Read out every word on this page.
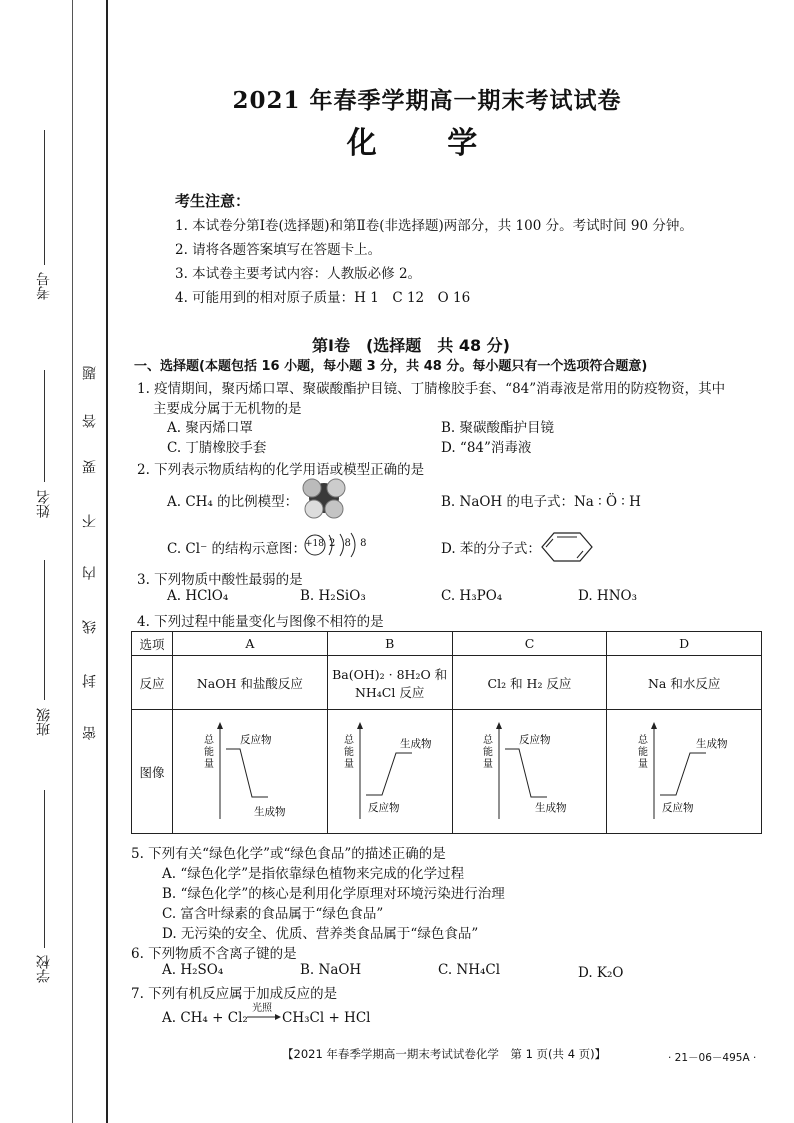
考号
姓名
班级
学校
密
封
线
内
不
要
答
题
2021 年春季学期高一期末考试试卷
化 学
考生注意：
1. 本试卷分第Ⅰ卷(选择题)和第Ⅱ卷(非选择题)两部分，共 100 分。考试时间 90 分钟。
2. 请将各题答案填写在答题卡上。
3. 本试卷主要考试内容：人教版必修 2。
4. 可能用到的相对原子质量：H 1　C 12　O 16
第Ⅰ卷　(选择题　共 48 分)
一、选择题(本题包括 16 小题，每小题 3 分，共 48 分。每小题只有一个选项符合题意)
1. 疫情期间，聚丙烯口罩、聚碳酸酯护目镜、丁腈橡胶手套、“84”消毒液是常用的防疫物资，其中
主要成分属于无机物的是
A. 聚丙烯口罩	B. 聚碳酸酯护目镜
C. 丁腈橡胶手套	D. “84”消毒液
2. 下列表示物质结构的化学用语或模型正确的是
A. CH₄ 的比例模型：	B. NaOH 的电子式：Na ∶ Ö ∶ H
C. Cl⁻ 的结构示意图： +18 2 8 8	D. 苯的分子式：
3. 下列物质中酸性最弱的是
A. HClO₄	B. H₂SiO₃	C. H₃PO₄	D. HNO₃
4. 下列过程中能量变化与图像不相符的是
选项	A	B	C	D
反应	NaOH 和盐酸反应	Ba(OH)₂ · 8H₂O 和 NH₄Cl 反应	Cl₂ 和 H₂ 反应	Na 和水反应
图像	总
能
量
反应物
生成物	总
能
量
生成物
反应物	总
能
量
反应物
生成物	总
能
量
生成物
反应物
5. 下列有关“绿色化学”或“绿色食品”的描述正确的是
A. “绿色化学”是指依靠绿色植物来完成的化学过程
B. “绿色化学”的核心是利用化学原理对环境污染进行治理
C. 富含叶绿素的食品属于“绿色食品”
D. 无污染的安全、优质、营养类食品属于“绿色食品”
6. 下列物质不含离子键的是
A. H₂SO₄	B. NaOH	C. NH₄Cl	D. K₂O
7. 下列有机反应属于加成反应的是
A. CH₄ + Cl₂
光照
→ CH₃Cl + HCl
【2021 年春季学期高一期末考试试卷化学　第 1 页(共 4 页)】	· 21－06－495A ·
